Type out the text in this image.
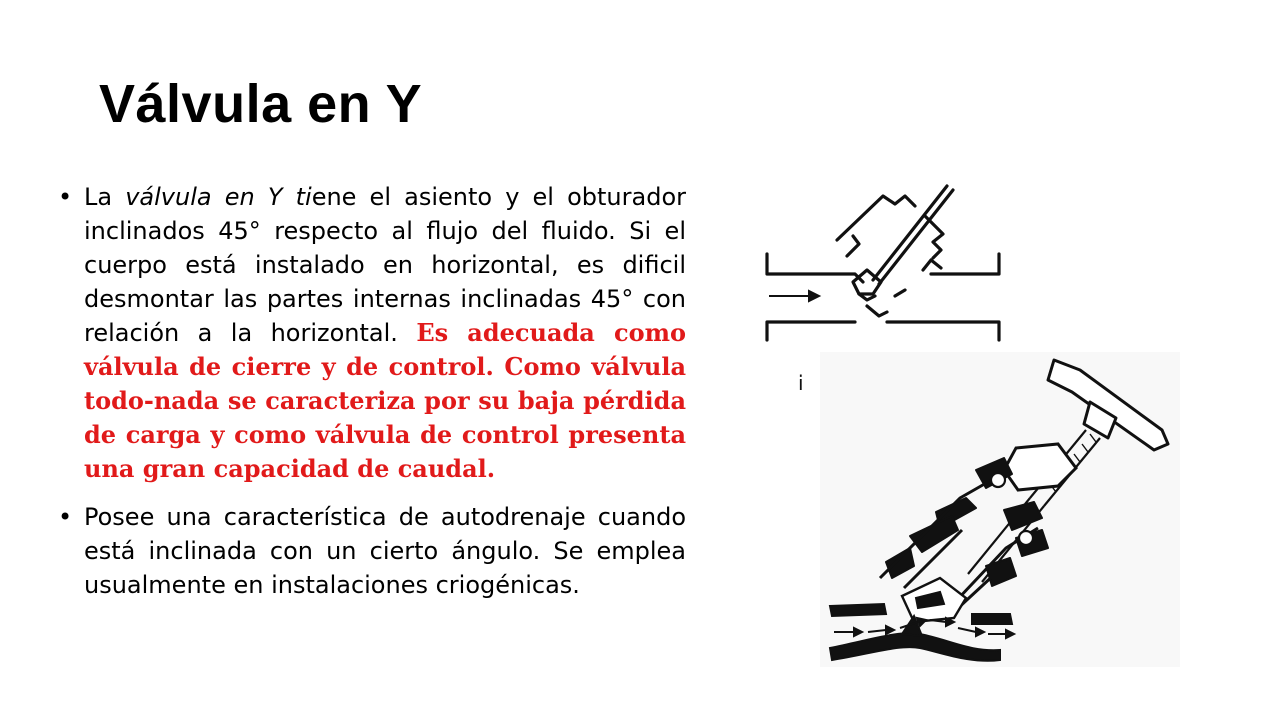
Válvula en Y
• La válvula en Y tiene el asiento y el obturador inclinados 45° respecto al flujo del fluido. Si el cuerpo está instalado en horizontal, es dificil desmontar las partes internas inclinadas 45° con relación a la horizontal. Es adecuada como válvula de cierre y de control. Como válvula todo-nada se caracteriza por su baja pérdida de carga y como válvula de control presenta una gran capacidad de caudal.
• Posee una característica de autodrenaje cuando está inclinada con un cierto ángulo. Se emplea usualmente en instalaciones criogénicas.
i
